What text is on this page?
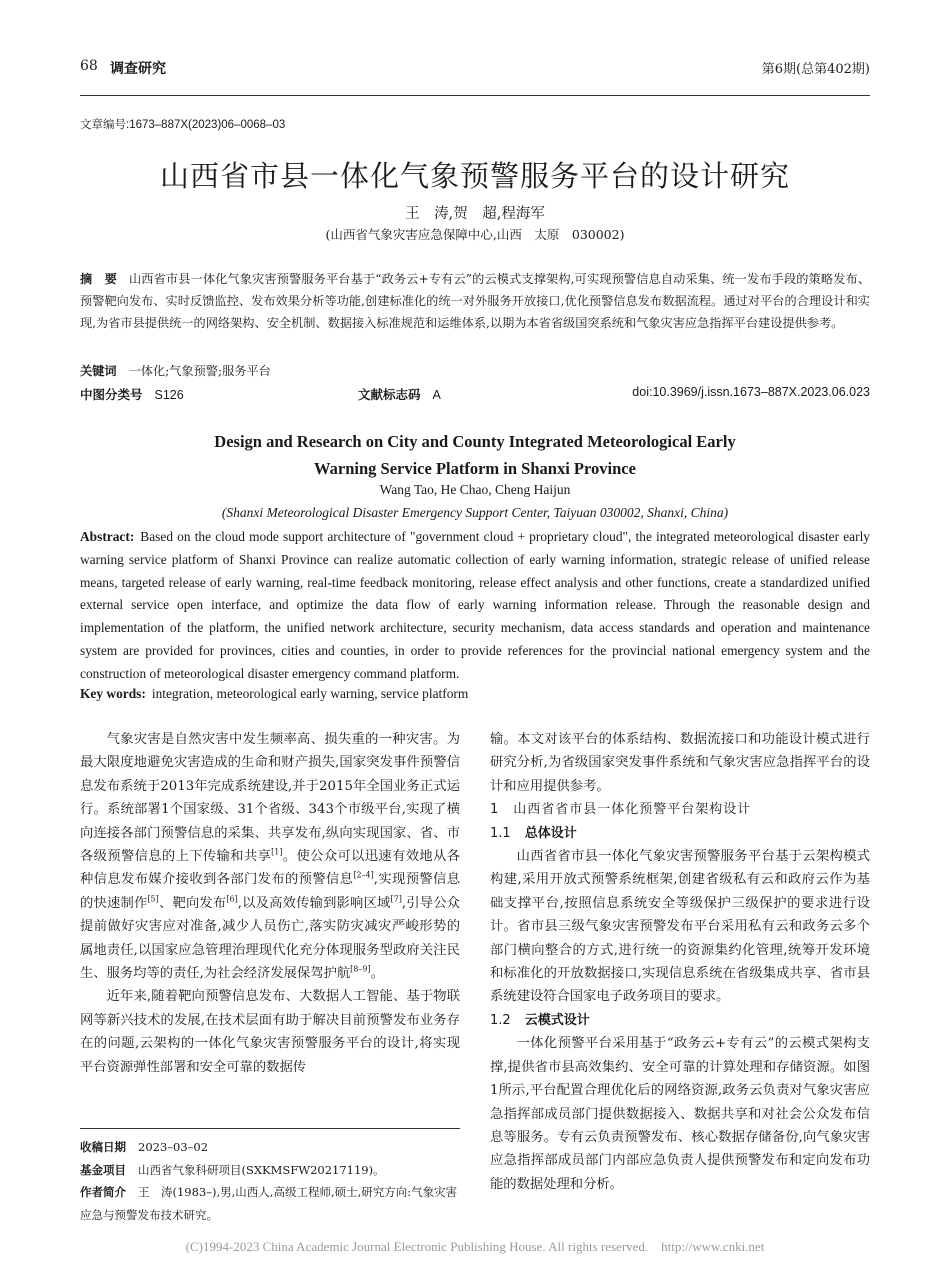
68 调查研究	第6期(总第402期)
文章编号:1673–887X(2023)06–0068–03
山西省市县一体化气象预警服务平台的设计研究
王　涛,贺　超,程海军
(山西省气象灾害应急保障中心,山西　太原　030002)
摘　要 山西省市县一体化气象灾害预警服务平台基于“政务云+专有云”的云模式支撑架构,可实现预警信息自动采集、统一发布手段的策略发布、预警靶向发布、实时反馈监控、发布效果分析等功能,创建标准化的统一对外服务开放接口,优化预警信息发布数据流程。通过对平台的合理设计和实现,为省市县提供统一的网络架构、安全机制、数据接入标准规范和运维体系,以期为本省省级国突系统和气象灾害应急指挥平台建设提供参考。
关键词 一体化;气象预警;服务平台
中图分类号 S126	文献标志码 A	doi:10.3969/j.issn.1673–887X.2023.06.023
Design and Research on City and County Integrated Meteorological Early
Warning Service Platform in Shanxi Province
Wang Tao, He Chao, Cheng Haijun
(Shanxi Meteorological Disaster Emergency Support Center, Taiyuan 030002, Shanxi, China)
Abstract: Based on the cloud mode support architecture of "government cloud + proprietary cloud", the integrated meteorological disaster early warning service platform of Shanxi Province can realize automatic collection of early warning information, strategic release of unified release means, targeted release of early warning, real-time feedback monitoring, release effect analysis and other functions, create a standardized unified external service open interface, and optimize the data flow of early warning information release. Through the reasonable design and implementation of the platform, the unified network architecture, security mechanism, data access standards and operation and maintenance system are provided for provinces, cities and counties, in order to provide references for the provincial national emergency system and the construction of meteorological disaster emergency command platform.
Key words: integration, meteorological early warning, service platform

气象灾害是自然灾害中发生频率高、损失重的一种灾害。为最大限度地避免灾害造成的生命和财产损失,国家突发事件预警信息发布系统于2013年完成系统建设,并于2015年全国业务正式运行。系统部署1个国家级、31个省级、343个市级平台,实现了横向连接各部门预警信息的采集、共享发布,纵向实现国家、省、市各级预警信息的上下传输和共享[1]。使公众可以迅速有效地从各种信息发布媒介接收到各部门发布的预警信息[2–4],实现预警信息的快速制作[5]、靶向发布[6],以及高效传输到影响区域[7],引导公众提前做好灾害应对准备,减少人员伤亡,落实防灾减灾严峻形势的属地责任,以国家应急管理治理现代化充分体现服务型政府关注民生、服务均等的责任,为社会经济发展保驾护航[8–9]。

近年来,随着靶向预警信息发布、大数据人工智能、基于物联网等新兴技术的发展,在技术层面有助于解决目前预警发布业务存在的问题,云架构的一体化气象灾害预警服务平台的设计,将实现平台资源弹性部署和安全可靠的数据传

输。本文对该平台的体系结构、数据流接口和功能设计模式进行研究分析,为省级国家突发事件系统和气象灾害应急指挥平台的设计和应用提供参考。

1 山西省省市县一体化预警平台架构设计
1.1 总体设计

山西省省市县一体化气象灾害预警服务平台基于云架构模式构建,采用开放式预警系统框架,创建省级私有云和政府云作为基础支撑平台,按照信息系统安全等级保护三级保护的要求进行设计。省市县三级气象灾害预警发布平台采用私有云和政务云多个部门横向整合的方式,进行统一的资源集约化管理,统筹开发环境和标准化的开放数据接口,实现信息系统在省级集成共享、省市县系统建设符合国家电子政务项目的要求。

1.2 云模式设计

一体化预警平台采用基于“政务云+专有云”的云模式架构支撑,提供省市县高效集约、安全可靠的计算处理和存储资源。如图1所示,平台配置合理优化后的网络资源,政务云负责对气象灾害应急指挥部成员部门提供数据接入、数据共享和对社会公众发布信息等服务。专有云负责预警发布、核心数据存储备份,向气象灾害应急指挥部成员部门内部应急负责人提供预警发布和定向发布功能的数据处理和分析。

收稿日期 2023–03–02
基金项目 山西省气象科研项目(SXKMSFW20217119)。
作者简介 王　涛(1983–),男,山西人,高级工程师,硕士,研究方向:气象灾害应急与预警发布技术研究。
(C)1994-2023 China Academic Journal Electronic Publishing House. All rights reserved.　http://www.cnki.net
